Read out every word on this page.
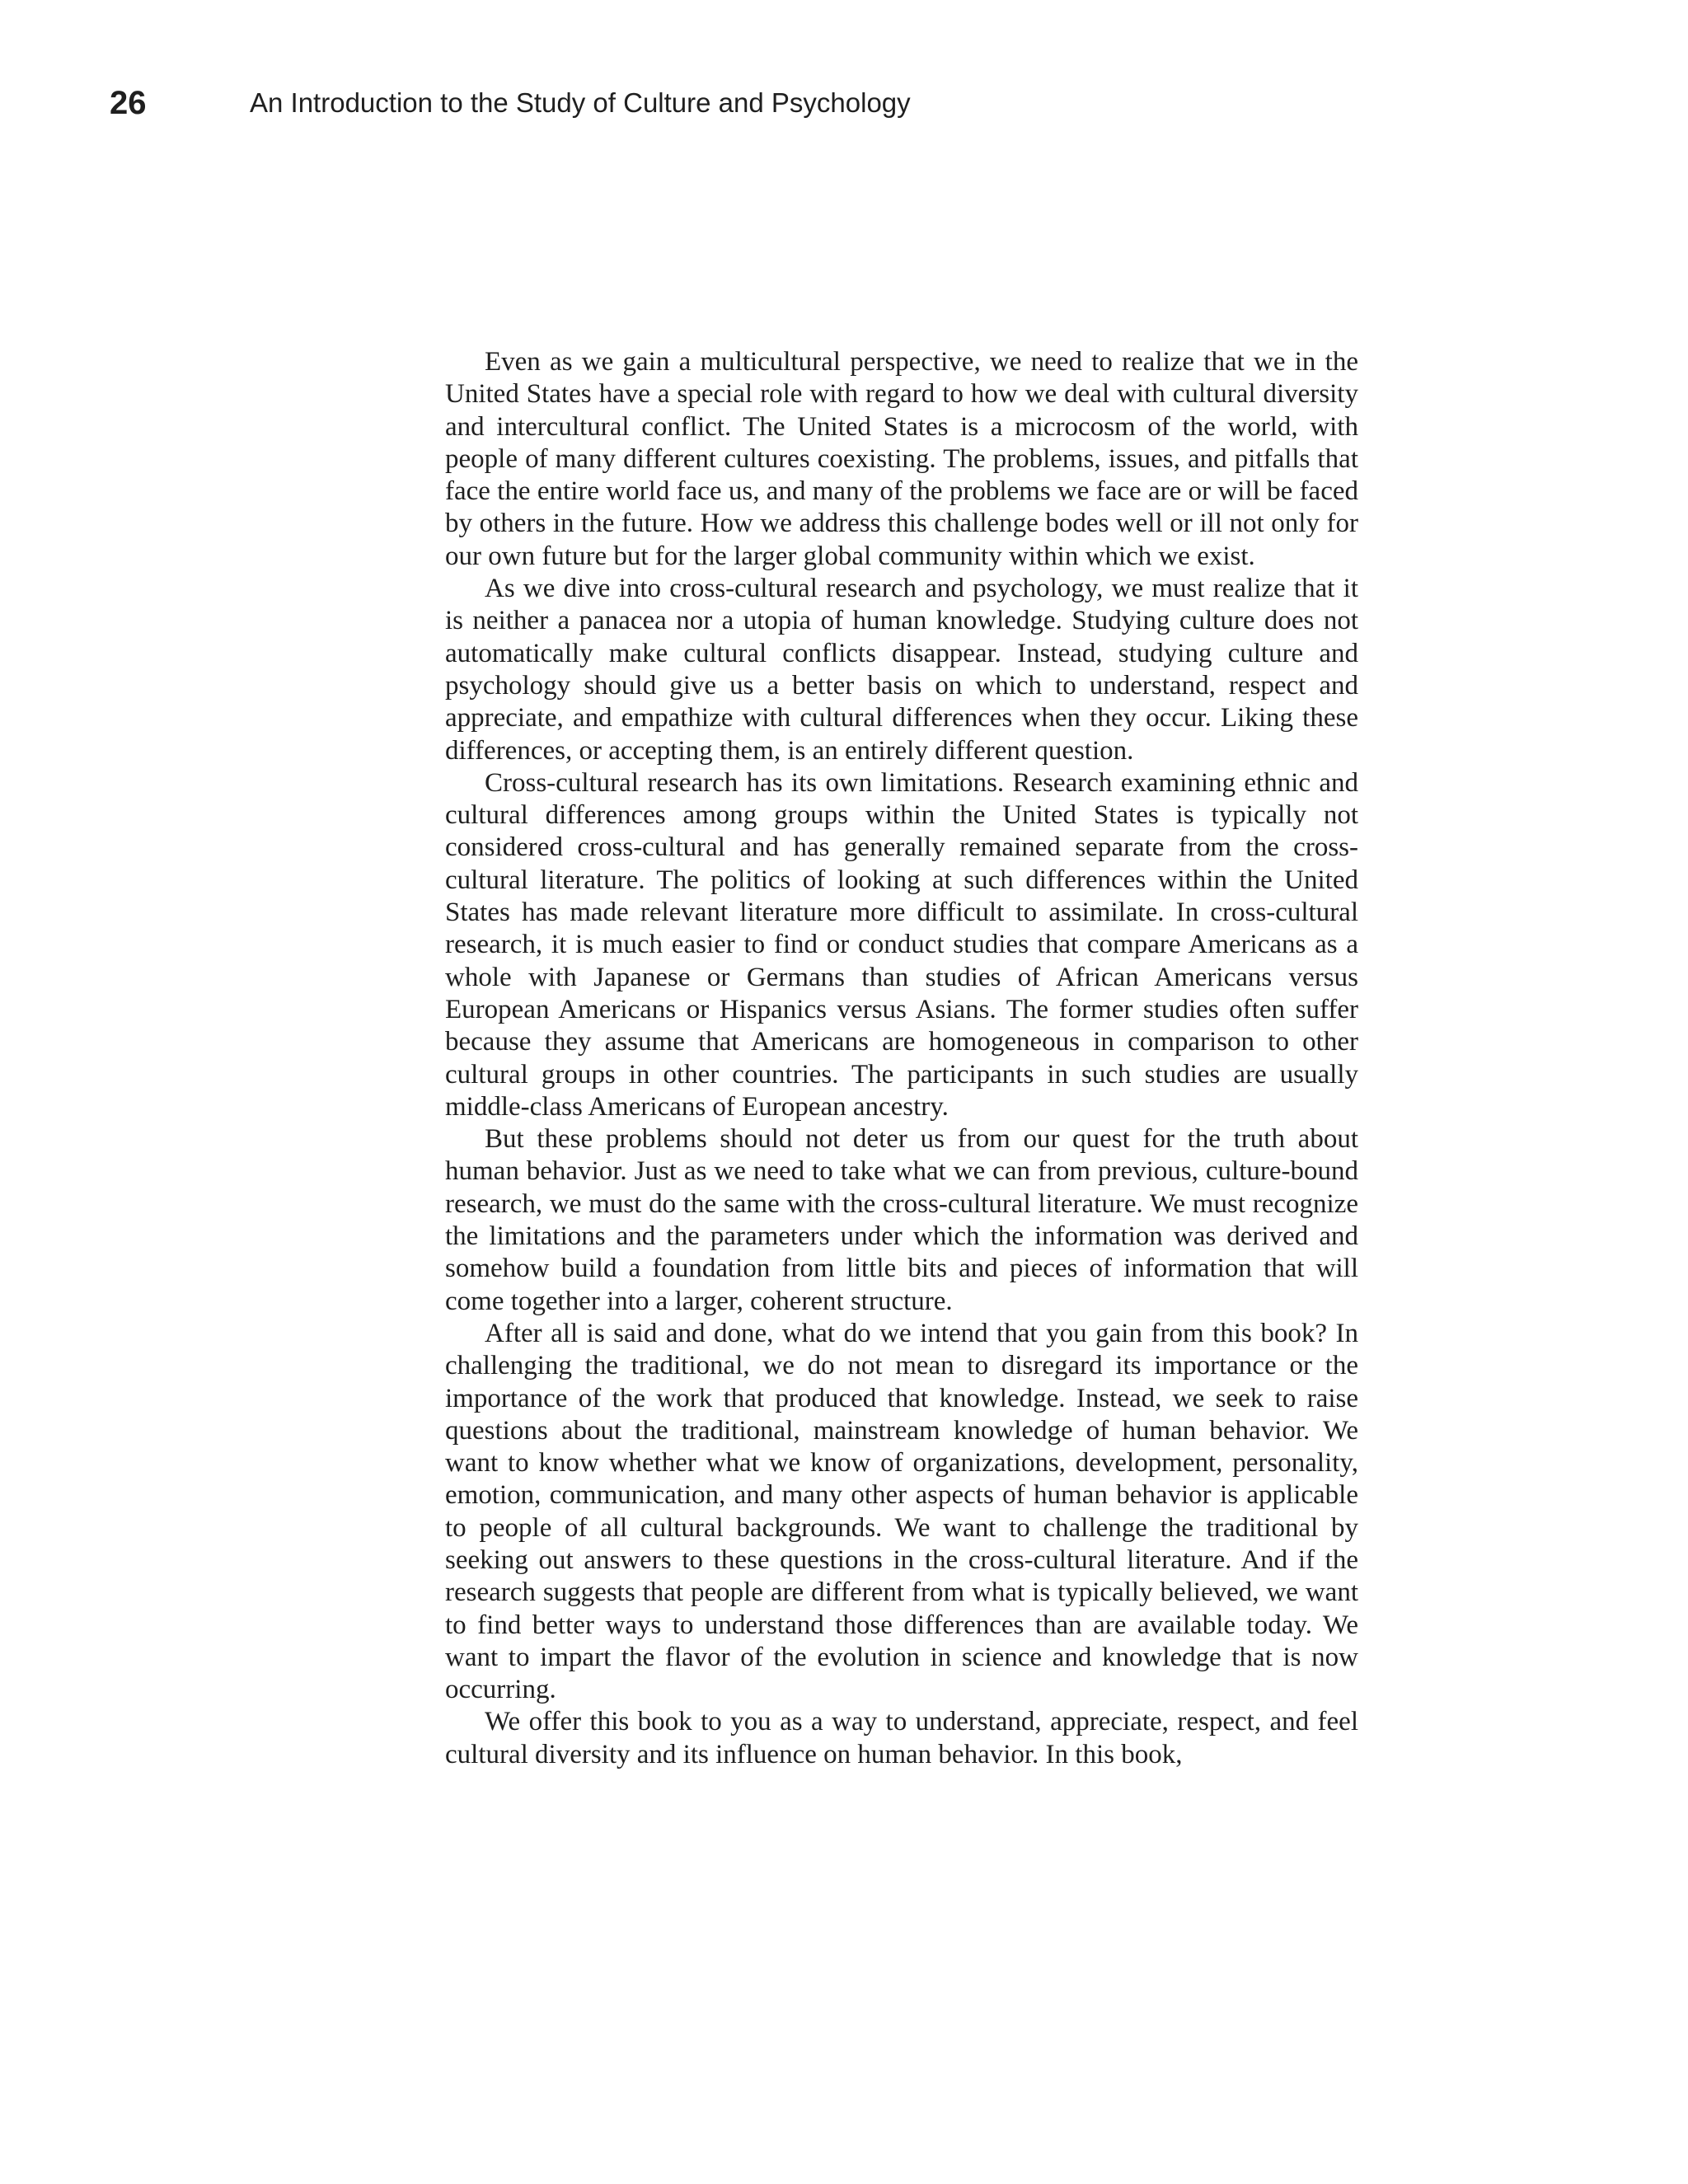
26	An Introduction to the Study of Culture and Psychology

Even as we gain a multicultural perspective, we need to realize that we in the United States have a special role with regard to how we deal with cultural diversity and intercultural conflict. The United States is a microcosm of the world, with people of many different cultures coexisting. The problems, issues, and pitfalls that face the entire world face us, and many of the problems we face are or will be faced by others in the future. How we address this challenge bodes well or ill not only for our own future but for the larger global community within which we exist.

As we dive into cross-cultural research and psychology, we must realize that it is neither a panacea nor a utopia of human knowledge. Studying culture does not automatically make cultural conflicts disappear. Instead, studying culture and psychology should give us a better basis on which to understand, respect and appreciate, and empathize with cultural differences when they occur. Liking these differences, or accepting them, is an entirely different question.

Cross-cultural research has its own limitations. Research examining ethnic and cultural differences among groups within the United States is typically not considered cross-cultural and has generally remained separate from the cross-cultural literature. The politics of looking at such differences within the United States has made relevant literature more difficult to assimilate. In cross-cultural research, it is much easier to find or conduct studies that compare Americans as a whole with Japanese or Germans than studies of African Americans versus European Americans or Hispanics versus Asians. The former studies often suffer because they assume that Americans are homogeneous in comparison to other cultural groups in other countries. The participants in such studies are usually middle-class Americans of European ancestry.

But these problems should not deter us from our quest for the truth about human behavior. Just as we need to take what we can from previous, culture-bound research, we must do the same with the cross-cultural literature. We must recognize the limitations and the parameters under which the information was derived and somehow build a foundation from little bits and pieces of information that will come together into a larger, coherent structure.

After all is said and done, what do we intend that you gain from this book? In challenging the traditional, we do not mean to disregard its importance or the importance of the work that produced that knowledge. Instead, we seek to raise questions about the traditional, mainstream knowledge of human behavior. We want to know whether what we know of organizations, development, personality, emotion, communication, and many other aspects of human behavior is applicable to people of all cultural backgrounds. We want to challenge the traditional by seeking out answers to these questions in the cross-cultural literature. And if the research suggests that people are different from what is typically believed, we want to find better ways to understand those differences than are available today. We want to impart the flavor of the evolution in science and knowledge that is now occurring.

We offer this book to you as a way to understand, appreciate, respect, and feel cultural diversity and its influence on human behavior. In this book,
